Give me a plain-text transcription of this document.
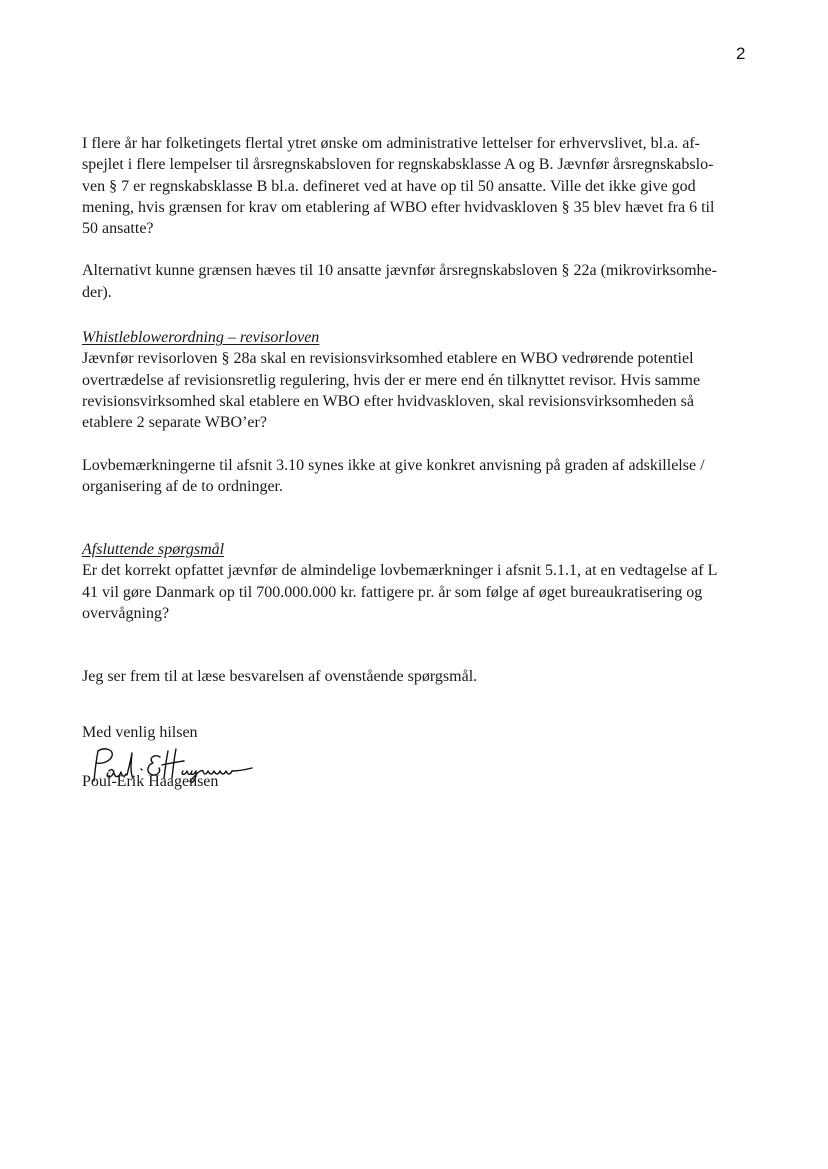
2

I flere år har folketingets flertal ytret ønske om administrative lettelser for erhvervslivet, bl.a. af-
spejlet i flere lempelser til årsregnskabsloven for regnskabsklasse A og B. Jævnfør årsregnskabslo-
ven § 7 er regnskabsklasse B bl.a. defineret ved at have op til 50 ansatte. Ville det ikke give god
mening, hvis grænsen for krav om etablering af WBO efter hvidvaskloven § 35 blev hævet fra 6 til
50 ansatte?

Alternativt kunne grænsen hæves til 10 ansatte jævnfør årsregnskabsloven § 22a (mikrovirksomhe-
der).

Whistleblowerordning – revisorloven
Jævnfør revisorloven § 28a skal en revisionsvirksomhed etablere en WBO vedrørende potentiel
overtrædelse af revisionsretlig regulering, hvis der er mere end én tilknyttet revisor. Hvis samme
revisionsvirksomhed skal etablere en WBO efter hvidvaskloven, skal revisionsvirksomheden så
etablere 2 separate WBO’er?

Lovbemærkningerne til afsnit 3.10 synes ikke at give konkret anvisning på graden af adskillelse /
organisering af de to ordninger.

Afsluttende spørgsmål
Er det korrekt opfattet jævnfør de almindelige lovbemærkninger i afsnit 5.1.1, at en vedtagelse af L
41 vil gøre Danmark op til 700.000.000 kr. fattigere pr. år som følge af øget bureaukratisering og
overvågning?

Jeg ser frem til at læse besvarelsen af ovenstående spørgsmål.

Med venlig hilsen
Poul-Erik Haagensen
